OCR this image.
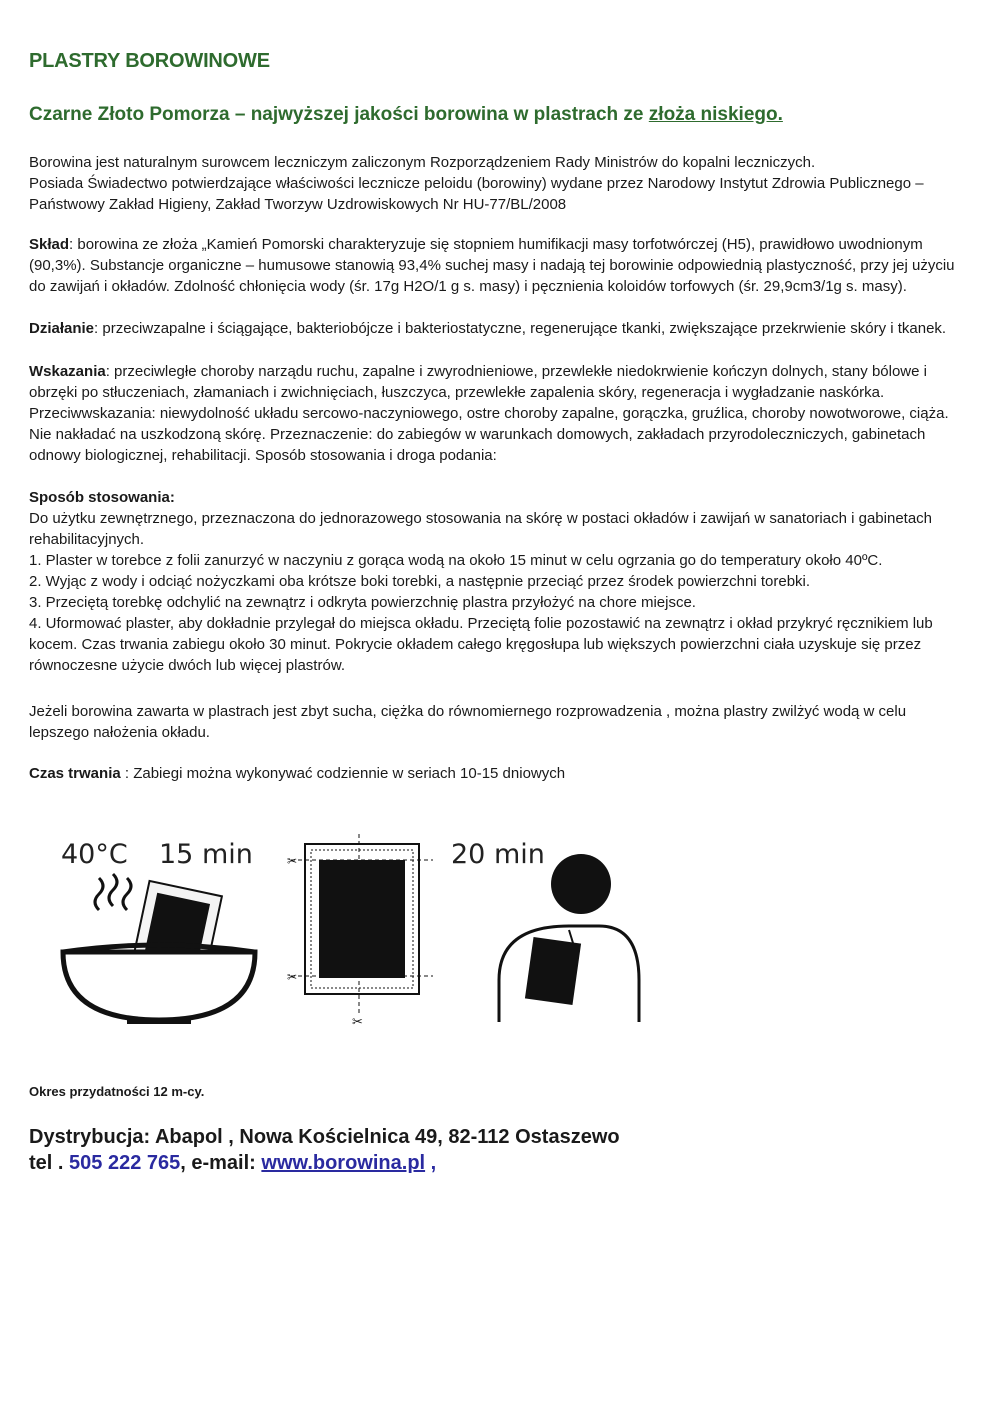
PLASTRY BOROWINOWE
Czarne Złoto Pomorza – najwyższej jakości borowina w plastrach ze złoża niskiego.
Borowina jest naturalnym surowcem leczniczym zaliczonym Rozporządzeniem Rady Ministrów do kopalni leczniczych.
Posiada Świadectwo potwierdzające właściwości lecznicze peloidu (borowiny) wydane przez Narodowy Instytut Zdrowia Publicznego – Państwowy Zakład Higieny, Zakład Tworzyw Uzdrowiskowych Nr HU-77/BL/2008
Skład: borowina ze złoża „Kamień Pomorski charakteryzuje się stopniem humifikacji masy torfotwórczej (H5), prawidłowo uwodnionym (90,3%). Substancje organiczne – humusowe stanowią 93,4% suchej masy i nadają tej borowinie odpowiednią plastyczność, przy jej użyciu do zawijań i okładów. Zdolność chłonięcia wody (śr. 17g H2O/1 g s. masy) i pęcznienia koloidów torfowych (śr. 29,9cm3/1g s. masy).
Działanie: przeciwzapalne i ściągające, bakteriobójcze i bakteriostatyczne, regenerujące tkanki, zwiększające przekrwienie skóry i tkanek.
Wskazania: przeciwległe choroby narządu ruchu, zapalne i zwyrodnieniowe, przewlekłe niedokrwienie kończyn dolnych, stany bólowe i obrzęki po stłuczeniach, złamaniach i zwichnięciach, łuszczyca, przewlekłe zapalenia skóry, regeneracja i wygładzanie naskórka.
Przeciwwskazania: niewydolność układu sercowo-naczyniowego, ostre choroby zapalne, gorączka, gruźlica, choroby nowotworowe, ciąża.
Nie nakładać na uszkodzoną skórę. Przeznaczenie: do zabiegów w warunkach domowych, zakładach przyrodoleczniczych, gabinetach odnowy biologicznej, rehabilitacji. Sposób stosowania i droga podania:
Sposób stosowania:
Do użytku zewnętrznego, przeznaczona do jednorazowego stosowania na skórę w postaci okładów i zawijań w sanatoriach i gabinetach rehabilitacyjnych.
1. Plaster w torebce z folii zanurzyć w naczyniu z gorąca wodą na około 15 minut w celu ogrzania go do temperatury około 40ºC.
2. Wyjąc z wody i odciąć nożyczkami oba krótsze boki torebki, a następnie przeciąć przez środek powierzchni torebki.
3. Przeciętą torebkę odchylić na zewnątrz i odkryta powierzchnię plastra przyłożyć na chore miejsce.
4. Uformować plaster, aby dokładnie przylegał do miejsca okładu. Przeciętą folie pozostawić na zewnątrz i okład przykryć ręcznikiem lub kocem. Czas trwania zabiegu około 30 minut. Pokrycie okładem całego kręgosłupa lub większych powierzchni ciała uzyskuje się przez równoczesne użycie dwóch lub więcej plastrów.
Jeżeli borowina zawarta w plastrach jest zbyt sucha, ciężka do równomiernego rozprowadzenia , można plastry zwilżyć wodą w celu lepszego nałożenia okładu.
Czas trwania : Zabiegi można wykonywać codziennie w seriach 10-15 dniowych
Okres przydatności 12 m-cy.
Dystrybucja: Abapol , Nowa Kościelnica 49, 82-112 Ostaszewo
tel . 505 222 765, e-mail: www.borowina.pl ,
40°C 15 min	20 min
✂
✂
✂
